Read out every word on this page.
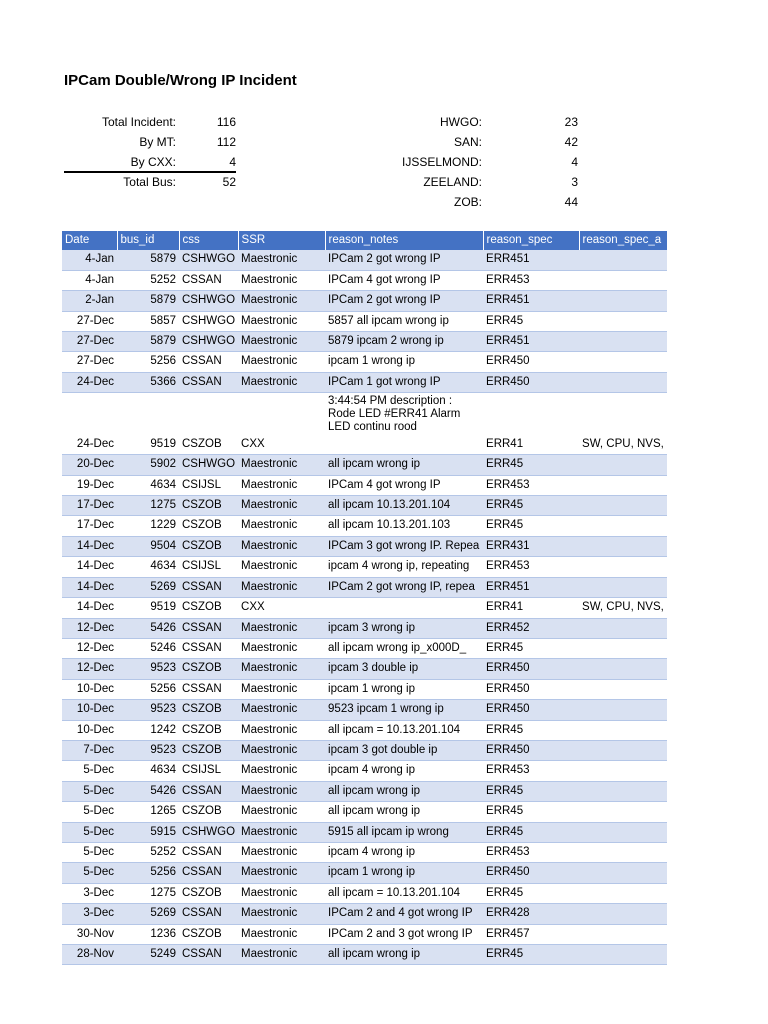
IPCam Double/Wrong IP Incident
Total Incident:	116
By MT:	112
By CXX:	4
Total Bus:	52
HWGO:	23
SAN:	42
IJSSELMOND:	4
ZEELAND:	3
ZOB:	44
Date	bus_id	css	SSR	reason_notes	reason_spec	reason_spec_a
4-Jan	5879	CSHWGO	Maestronic	IPCam 2 got wrong IP	ERR451	
4-Jan	5252	CSSAN	Maestronic	IPCam 4 got wrong IP	ERR453	
2-Jan	5879	CSHWGO	Maestronic	IPCam 2 got wrong IP	ERR451	
27-Dec	5857	CSHWGO	Maestronic	5857 all ipcam wrong ip	ERR45	
27-Dec	5879	CSHWGO	Maestronic	5879 ipcam 2 wrong ip	ERR451	
27-Dec	5256	CSSAN	Maestronic	ipcam 1 wrong ip	ERR450	
24-Dec	5366	CSSAN	Maestronic	IPCam 1 got wrong IP	ERR450	
24-Dec	9519	CSZOB	CXX	3:44:54 PM description : Rode LED #ERR41 Alarm LED continu rood	ERR41	SW, CPU, NVS,
20-Dec	5902	CSHWGO	Maestronic	all ipcam wrong ip	ERR45	
19-Dec	4634	CSIJSL	Maestronic	IPCam 4 got wrong IP	ERR453	
17-Dec	1275	CSZOB	Maestronic	all ipcam 10.13.201.104	ERR45	
17-Dec	1229	CSZOB	Maestronic	all ipcam 10.13.201.103	ERR45	
14-Dec	9504	CSZOB	Maestronic	IPCam 3 got wrong IP. Repea	ERR431	
14-Dec	4634	CSIJSL	Maestronic	ipcam 4 wrong ip, repeating	ERR453	
14-Dec	5269	CSSAN	Maestronic	IPCam 2 got wrong IP, repea	ERR451	
14-Dec	9519	CSZOB	CXX		ERR41	SW, CPU, NVS,
12-Dec	5426	CSSAN	Maestronic	ipcam 3 wrong ip	ERR452	
12-Dec	5246	CSSAN	Maestronic	all ipcam wrong ip_x000D_	ERR45	
12-Dec	9523	CSZOB	Maestronic	ipcam 3 double ip	ERR450	
10-Dec	5256	CSSAN	Maestronic	ipcam 1 wrong ip	ERR450	
10-Dec	9523	CSZOB	Maestronic	9523 ipcam 1 wrong ip	ERR450	
10-Dec	1242	CSZOB	Maestronic	all ipcam = 10.13.201.104	ERR45	
7-Dec	9523	CSZOB	Maestronic	ipcam 3 got double ip	ERR450	
5-Dec	4634	CSIJSL	Maestronic	ipcam 4 wrong ip	ERR453	
5-Dec	5426	CSSAN	Maestronic	all ipcam wrong ip	ERR45	
5-Dec	1265	CSZOB	Maestronic	all ipcam wrong ip	ERR45	
5-Dec	5915	CSHWGO	Maestronic	5915 all ipcam ip wrong	ERR45	
5-Dec	5252	CSSAN	Maestronic	ipcam 4 wrong ip	ERR453	
5-Dec	5256	CSSAN	Maestronic	ipcam 1 wrong ip	ERR450	
3-Dec	1275	CSZOB	Maestronic	all ipcam = 10.13.201.104	ERR45	
3-Dec	5269	CSSAN	Maestronic	IPCam 2 and 4 got wrong IP	ERR428	
30-Nov	1236	CSZOB	Maestronic	IPCam 2 and 3 got wrong IP	ERR457	
28-Nov	5249	CSSAN	Maestronic	all ipcam wrong ip	ERR45	
